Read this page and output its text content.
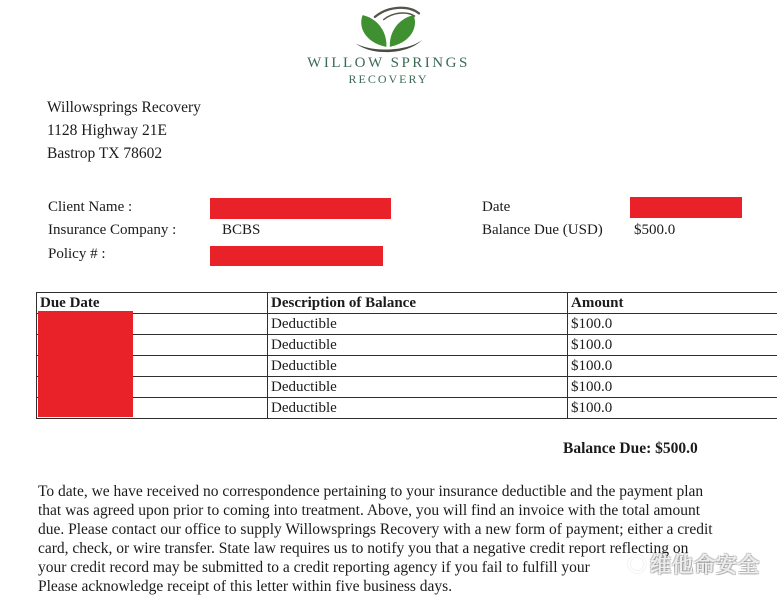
WILLOW SPRINGS
RECOVERY
Willowsprings Recovery
1128 Highway 21E
Bastrop TX 78602
Client Name :
Insurance Company :	BCBS
Policy # :
Date
Balance Due (USD) $500.0
Due Date	Description of Balance	Amount
	Deductible	$100.0
	Deductible	$100.0
	Deductible	$100.0
	Deductible	$100.0
	Deductible	$100.0
Balance Due: $500.0
To date, we have received no correspondence pertaining to your insurance deductible and the payment plan
that was agreed upon prior to coming into treatment. Above, you will find an invoice with the total amount
due. Please contact our office to supply Willowsprings Recovery with a new form of payment; either a credit
card, check, or wire transfer. State law requires us to notify you that a negative credit report reflecting on
your credit record may be submitted to a credit reporting agency if you fail to fulfill your
Please acknowledge receipt of this letter within five business days.
维他命安全
